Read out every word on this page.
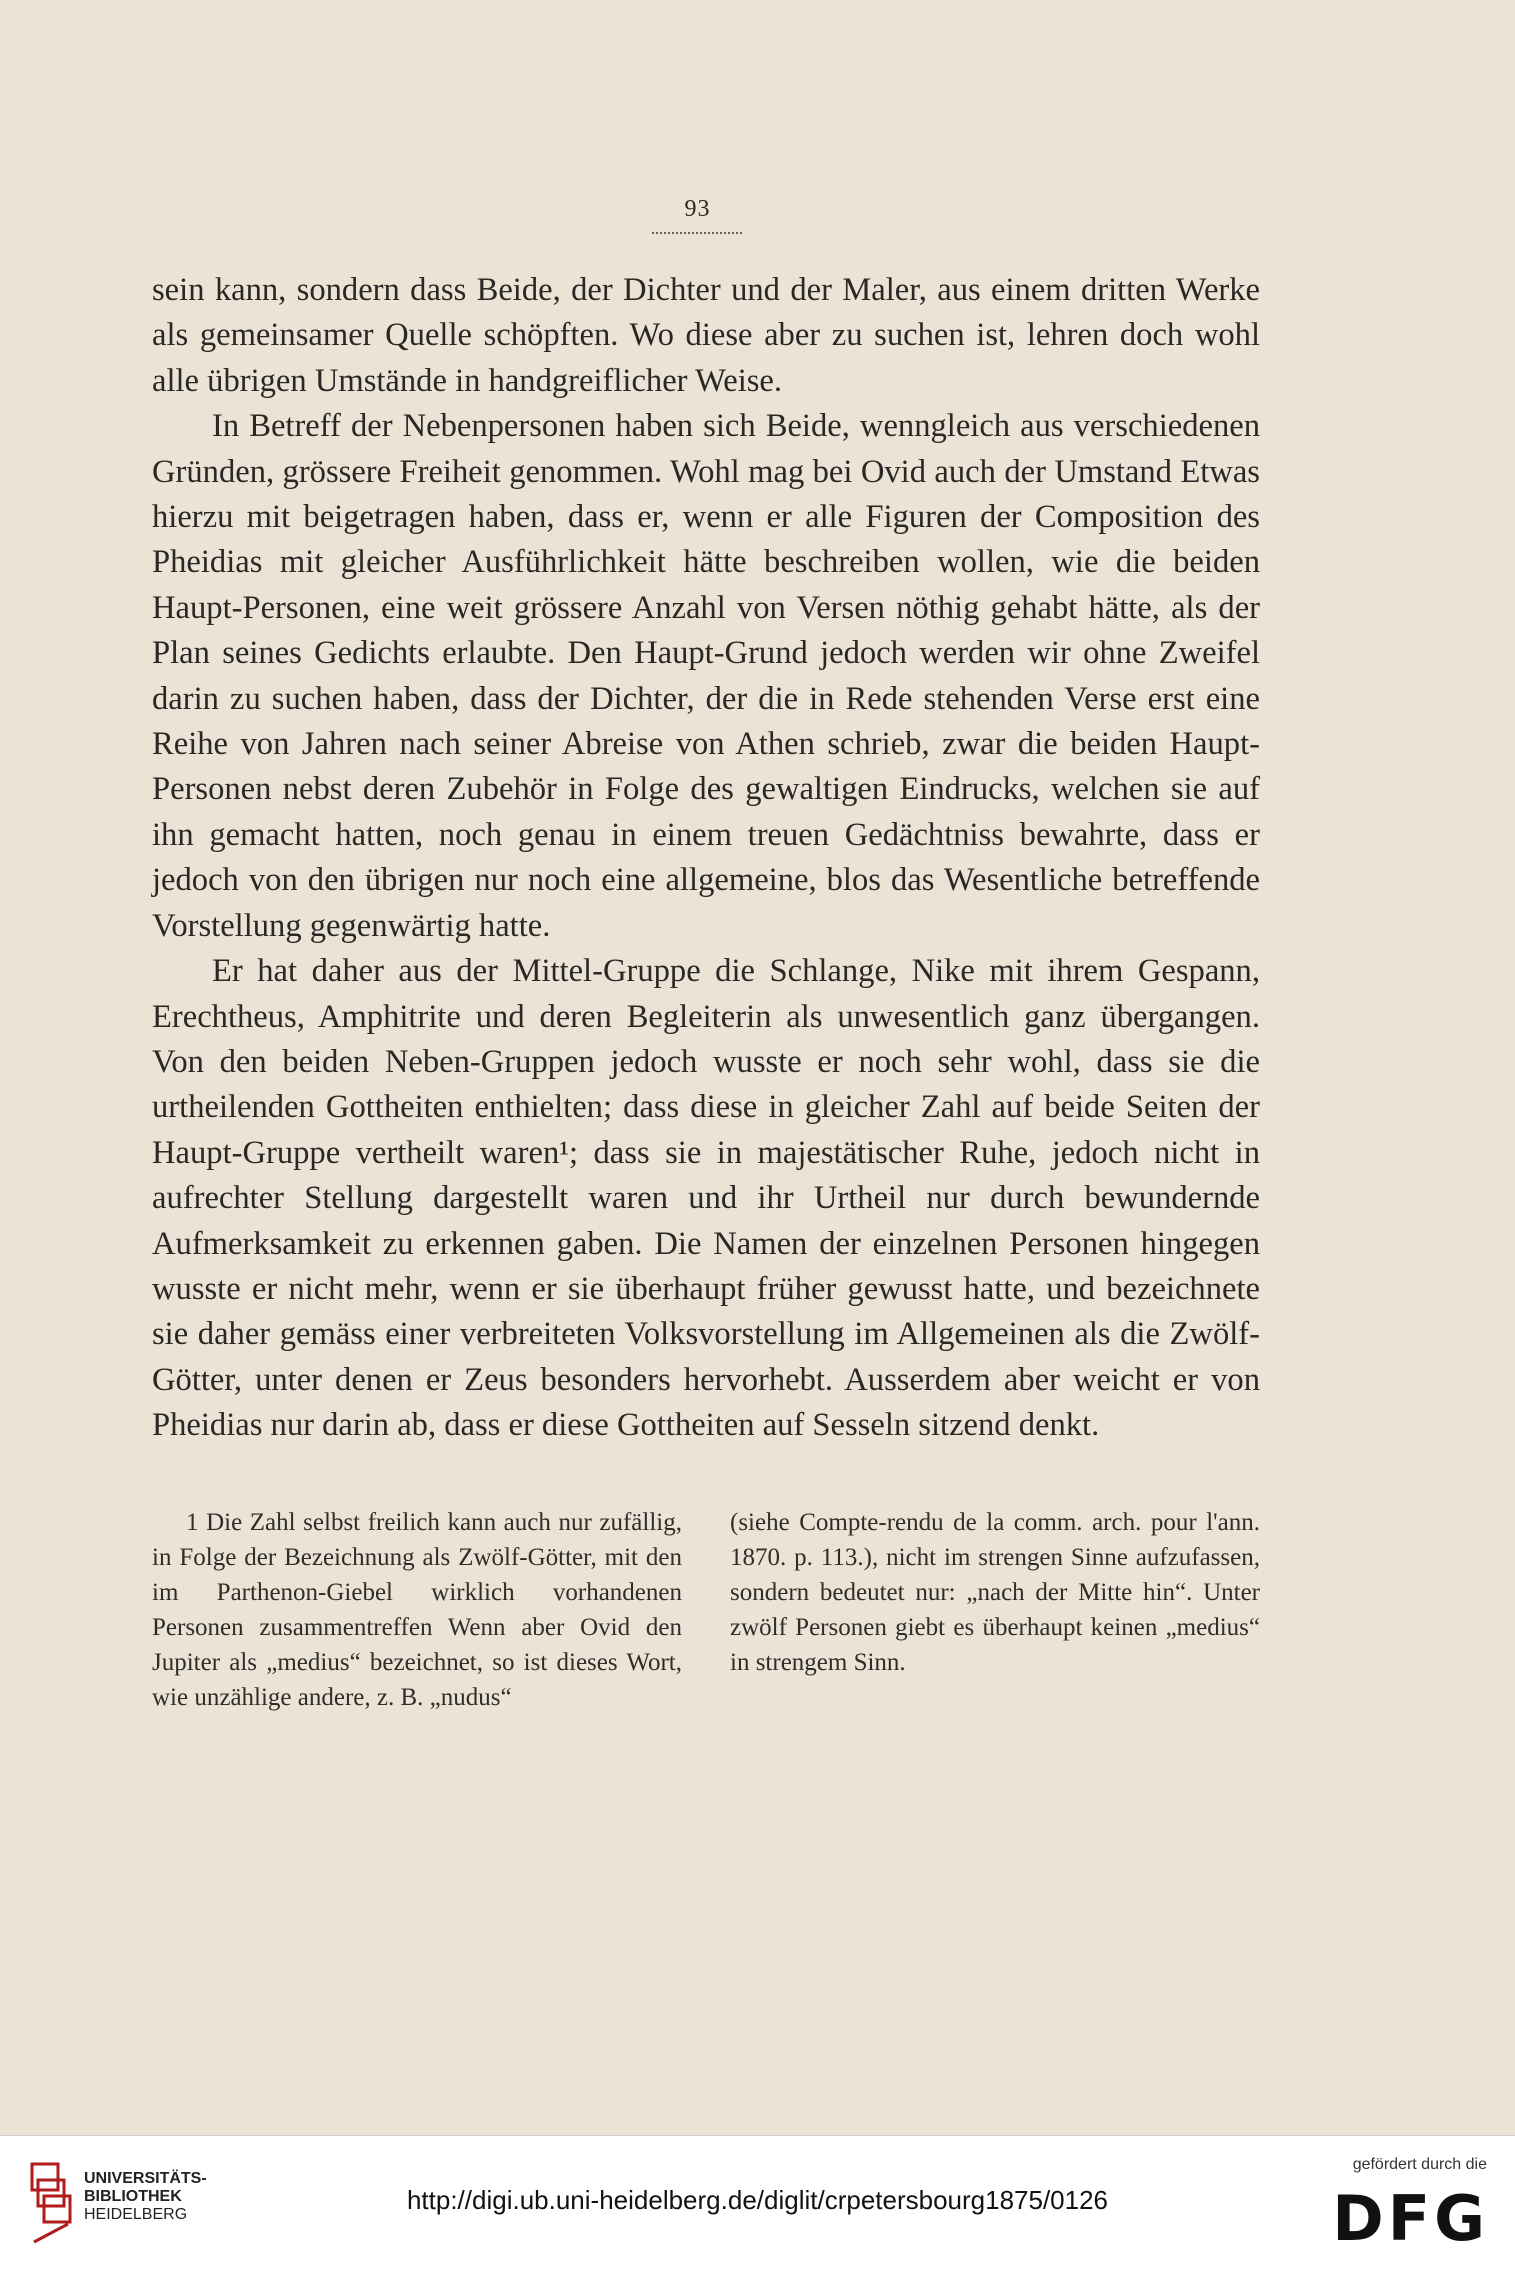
93

sein kann, sondern dass Beide, der Dichter und der Maler, aus einem dritten Werke als gemeinsamer Quelle schöpften. Wo diese aber zu suchen ist, lehren doch wohl alle übrigen Umstände in handgreiflicher Weise.

In Betreff der Nebenpersonen haben sich Beide, wenngleich aus verschiedenen Gründen, grössere Freiheit genommen. Wohl mag bei Ovid auch der Umstand Etwas hierzu mit beigetragen haben, dass er, wenn er alle Figuren der Composition des Pheidias mit gleicher Ausführlichkeit hätte beschreiben wollen, wie die beiden Haupt-Personen, eine weit grössere Anzahl von Versen nöthig gehabt hätte, als der Plan seines Gedichts erlaubte. Den Haupt-Grund jedoch werden wir ohne Zweifel darin zu suchen haben, dass der Dichter, der die in Rede stehenden Verse erst eine Reihe von Jahren nach seiner Abreise von Athen schrieb, zwar die beiden Haupt-Personen nebst deren Zubehör in Folge des gewaltigen Eindrucks, welchen sie auf ihn gemacht hatten, noch genau in einem treuen Gedächtniss bewahrte, dass er jedoch von den übrigen nur noch eine allgemeine, blos das Wesentliche betreffende Vorstellung gegenwärtig hatte.

Er hat daher aus der Mittel-Gruppe die Schlange, Nike mit ihrem Gespann, Erechtheus, Amphitrite und deren Begleiterin als unwesentlich ganz übergangen. Von den beiden Neben-Gruppen jedoch wusste er noch sehr wohl, dass sie die urtheilenden Gottheiten enthielten; dass diese in gleicher Zahl auf beide Seiten der Haupt-Gruppe vertheilt waren¹; dass sie in majestätischer Ruhe, jedoch nicht in aufrechter Stellung dargestellt waren und ihr Urtheil nur durch bewundernde Aufmerksamkeit zu erkennen gaben. Die Namen der einzelnen Personen hingegen wusste er nicht mehr, wenn er sie überhaupt früher gewusst hatte, und bezeichnete sie daher gemäss einer verbreiteten Volksvorstellung im Allgemeinen als die Zwölf-Götter, unter denen er Zeus besonders hervorhebt. Ausserdem aber weicht er von Pheidias nur darin ab, dass er diese Gottheiten auf Sesseln sitzend denkt.

1 Die Zahl selbst freilich kann auch nur zufällig, in Folge der Bezeichnung als Zwölf-Götter, mit den im Parthenon-Giebel wirklich vorhandenen Personen zusammentreffen Wenn aber Ovid den Jupiter als „medius“ bezeichnet, so ist dieses Wort, wie unzählige andere, z. B. „nudus“

(siehe Compte-rendu de la comm. arch. pour l'ann. 1870. p. 113.), nicht im strengen Sinne aufzufassen, sondern bedeutet nur: „nach der Mitte hin“. Unter zwölf Personen giebt es überhaupt keinen „medius“ in strengem Sinn.

UNIVERSITÄTS-
BIBLIOTHEK
HEIDELBERG	http://digi.ub.uni-heidelberg.de/diglit/crpetersbourg1875/0126
gefördert durch die
DFG
